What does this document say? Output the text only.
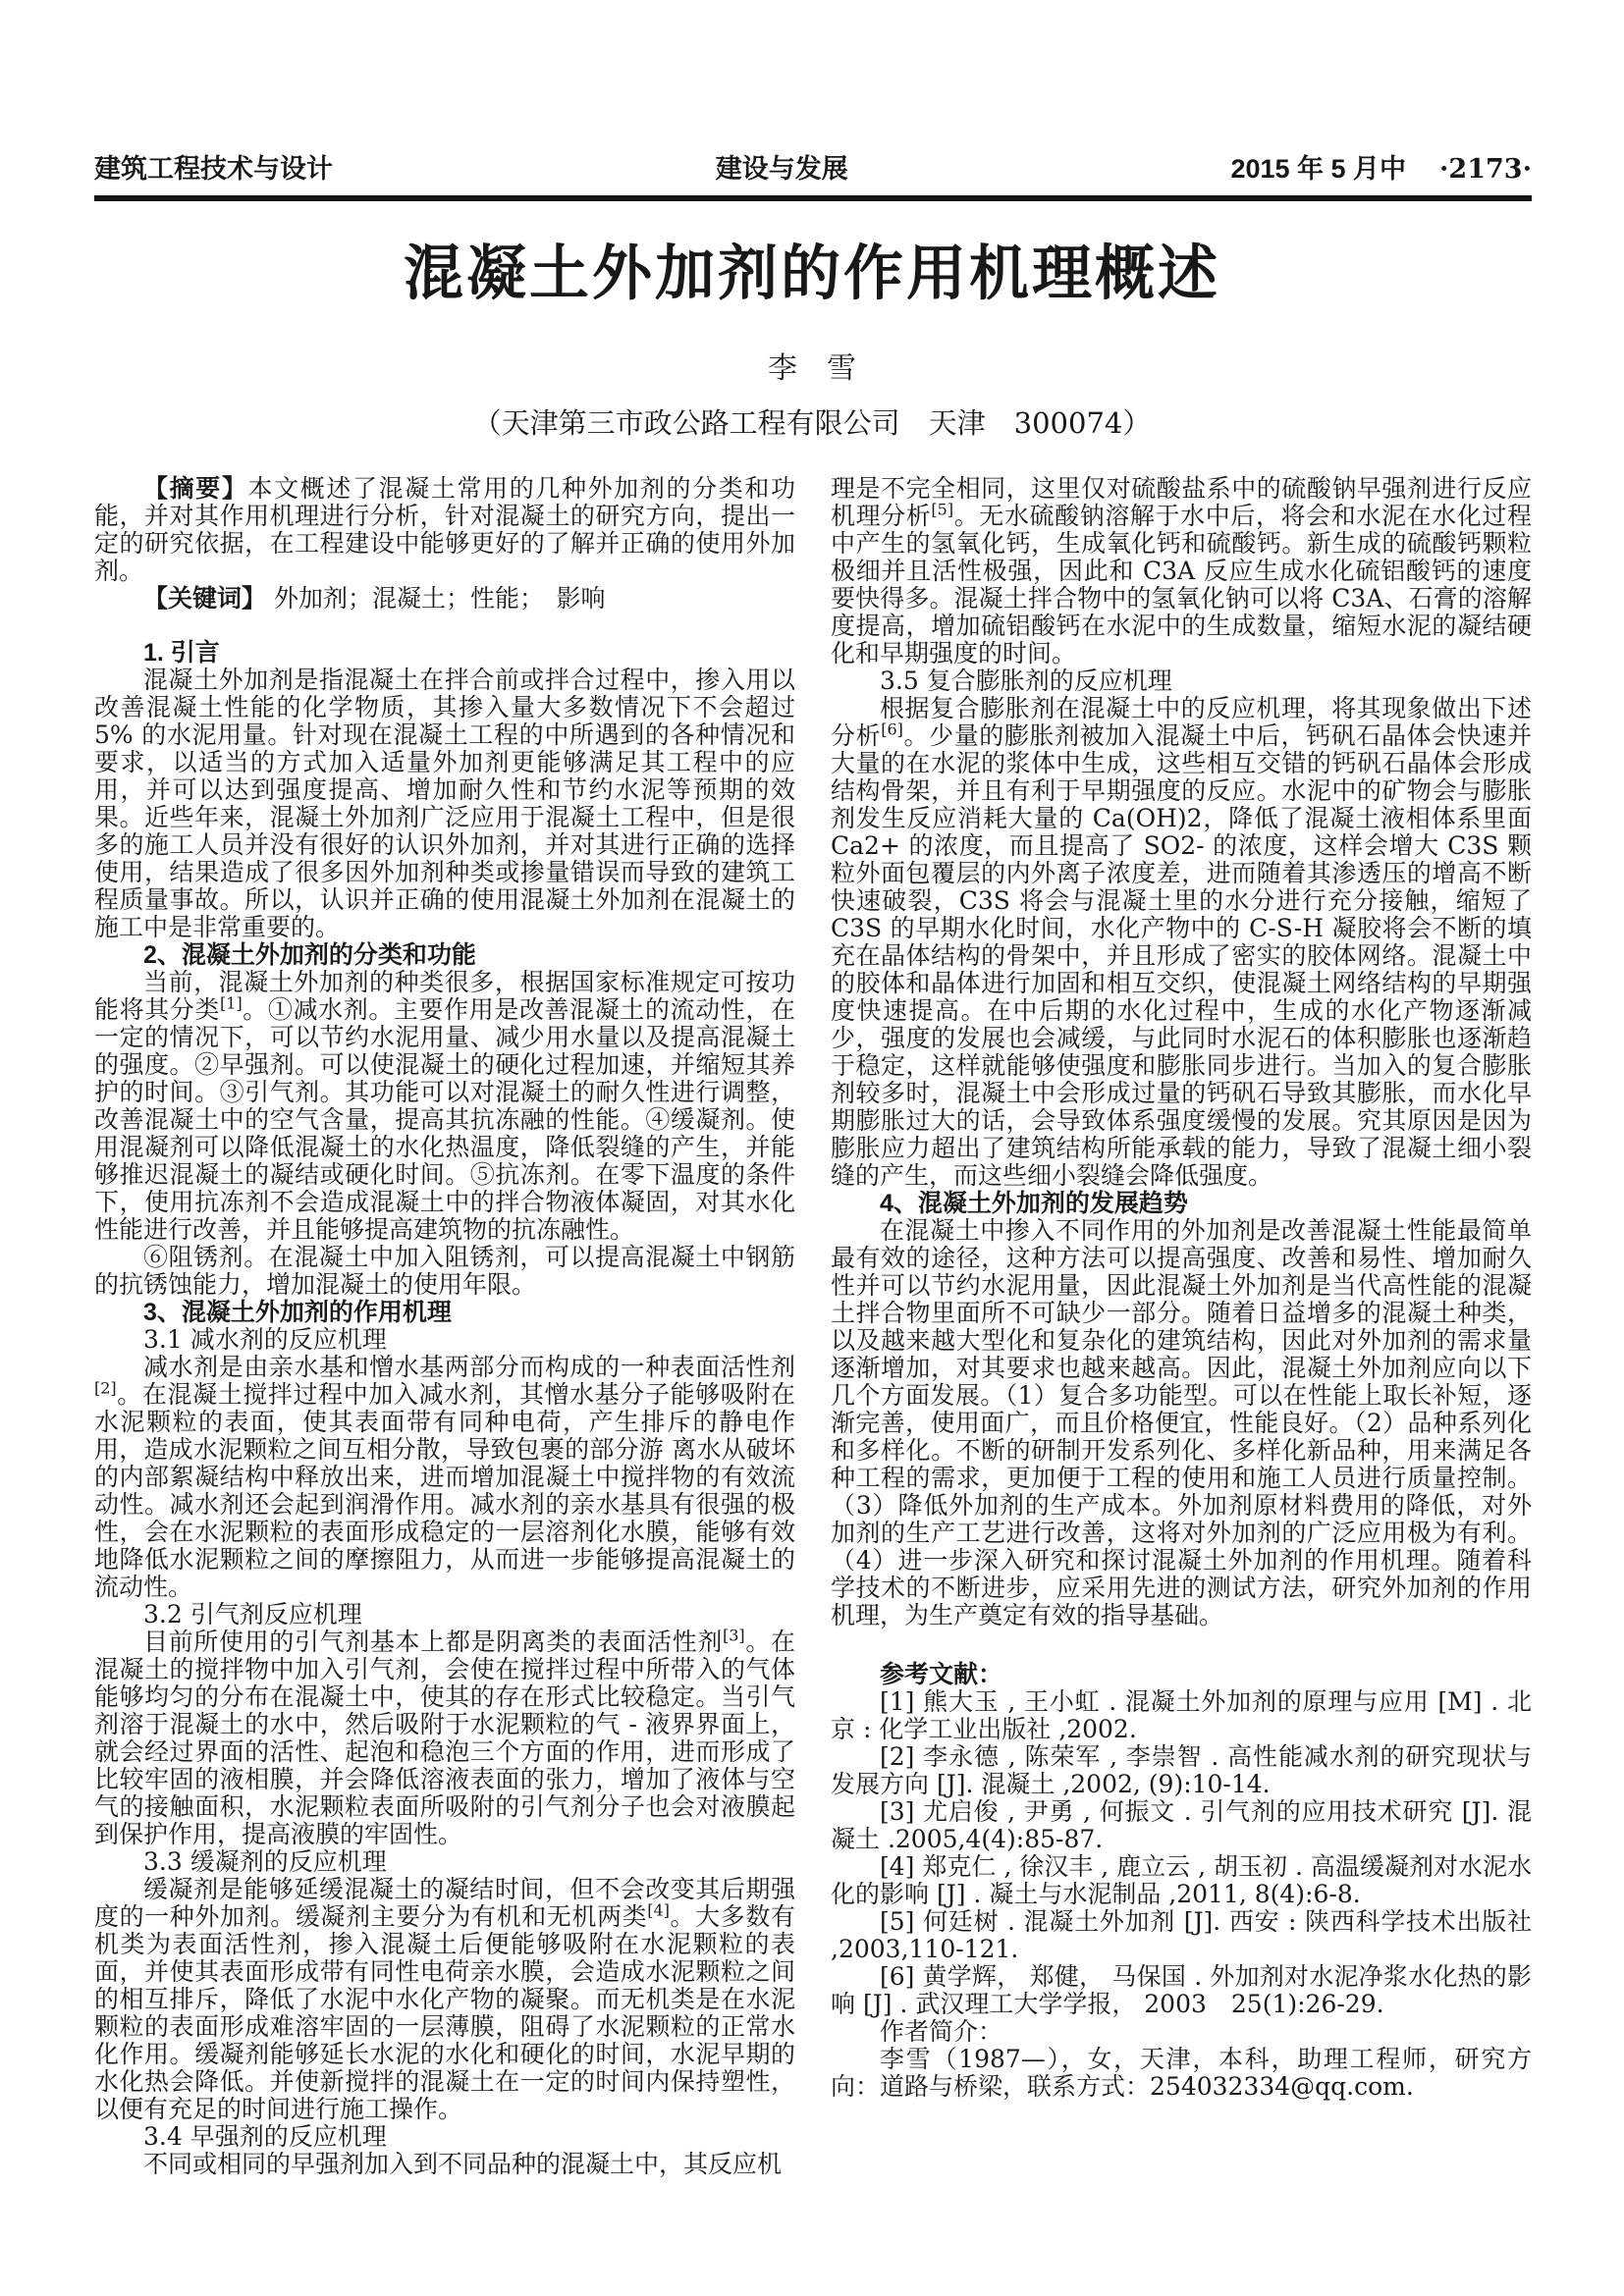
建筑工程技术与设计	建设与发展	2015 年 5 月中 ·2173·
混凝土外加剂的作用机理概述
李　雪
（天津第三市政公路工程有限公司　天津　300074）

【摘要】本文概述了混凝土常用的几种外加剂的分类和功能，并对其作用机理进行分析，针对混凝土的研究方向，提出一定的研究依据，在工程建设中能够更好的了解并正确的使用外加剂。

【关键词】 外加剂；混凝土；性能；　影响

1. 引言

混凝土外加剂是指混凝土在拌合前或拌合过程中，掺入用以改善混凝土性能的化学物质，其掺入量大多数情况下不会超过 5% 的水泥用量。针对现在混凝土工程的中所遇到的各种情况和要求，以适当的方式加入适量外加剂更能够满足其工程中的应用，并可以达到强度提高、增加耐久性和节约水泥等预期的效果。近些年来，混凝土外加剂广泛应用于混凝土工程中，但是很多的施工人员并没有很好的认识外加剂，并对其进行正确的选择使用，结果造成了很多因外加剂种类或掺量错误而导致的建筑工程质量事故。所以，认识并正确的使用混凝土外加剂在混凝土的施工中是非常重要的。

2、混凝土外加剂的分类和功能

当前，混凝土外加剂的种类很多，根据国家标准规定可按功能将其分类[1]。①减水剂。主要作用是改善混凝土的流动性，在一定的情况下，可以节约水泥用量、减少用水量以及提高混凝土的强度。②早强剂。可以使混凝土的硬化过程加速，并缩短其养护的时间。③引气剂。其功能可以对混凝土的耐久性进行调整，改善混凝土中的空气含量，提高其抗冻融的性能。④缓凝剂。使用混凝剂可以降低混凝土的水化热温度，降低裂缝的产生，并能够推迟混凝土的凝结或硬化时间。⑤抗冻剂。在零下温度的条件下，使用抗冻剂不会造成混凝土中的拌合物液体凝固，对其水化性能进行改善，并且能够提高建筑物的抗冻融性。

⑥阻锈剂。在混凝土中加入阻锈剂，可以提高混凝土中钢筋的抗锈蚀能力，增加混凝土的使用年限。

3、混凝土外加剂的作用机理

3.1 减水剂的反应机理

减水剂是由亲水基和憎水基两部分而构成的一种表面活性剂[2]。在混凝土搅拌过程中加入减水剂，其憎水基分子能够吸附在水泥颗粒的表面，使其表面带有同种电荷，产生排斥的静电作用，造成水泥颗粒之间互相分散，导致包裹的部分游 离水从破坏的内部絮凝结构中释放出来，进而增加混凝土中搅拌物的有效流动性。减水剂还会起到润滑作用。减水剂的亲水基具有很强的极性，会在水泥颗粒的表面形成稳定的一层溶剂化水膜，能够有效地降低水泥颗粒之间的摩擦阻力，从而进一步能够提高混凝土的流动性。

3.2 引气剂反应机理

目前所使用的引气剂基本上都是阴离类的表面活性剂[3]。在混凝土的搅拌物中加入引气剂，会使在搅拌过程中所带入的气体能够均匀的分布在混凝土中，使其的存在形式比较稳定。当引气剂溶于混凝土的水中，然后吸附于水泥颗粒的气 - 液界界面上，就会经过界面的活性、起泡和稳泡三个方面的作用，进而形成了比较牢固的液相膜，并会降低溶液表面的张力，增加了液体与空气的接触面积，水泥颗粒表面所吸附的引气剂分子也会对液膜起到保护作用，提高液膜的牢固性。

3.3 缓凝剂的反应机理

缓凝剂是能够延缓混凝土的凝结时间，但不会改变其后期强度的一种外加剂。缓凝剂主要分为有机和无机两类[4]。大多数有机类为表面活性剂，掺入混凝土后便能够吸附在水泥颗粒的表面，并使其表面形成带有同性电荷亲水膜，会造成水泥颗粒之间的相互排斥，降低了水泥中水化产物的凝聚。而无机类是在水泥颗粒的表面形成难溶牢固的一层薄膜，阻碍了水泥颗粒的正常水化作用。缓凝剂能够延长水泥的水化和硬化的时间，水泥早期的水化热会降低。并使新搅拌的混凝土在一定的时间内保持塑性，以便有充足的时间进行施工操作。

3.4 早强剂的反应机理

不同或相同的早强剂加入到不同品种的混凝土中，其反应机

理是不完全相同，这里仅对硫酸盐系中的硫酸钠早强剂进行反应机理分析[5]。无水硫酸钠溶解于水中后，将会和水泥在水化过程中产生的氢氧化钙，生成氧化钙和硫酸钙。新生成的硫酸钙颗粒极细并且活性极强，因此和 C3A 反应生成水化硫铝酸钙的速度要快得多。混凝土拌合物中的氢氧化钠可以将 C3A、石膏的溶解度提高，增加硫铝酸钙在水泥中的生成数量，缩短水泥的凝结硬化和早期强度的时间。

3.5 复合膨胀剂的反应机理

根据复合膨胀剂在混凝土中的反应机理，将其现象做出下述分析[6]。少量的膨胀剂被加入混凝土中后，钙矾石晶体会快速并大量的在水泥的浆体中生成，这些相互交错的钙矾石晶体会形成结构骨架，并且有利于早期强度的反应。水泥中的矿物会与膨胀剂发生反应消耗大量的 Ca(OH)2，降低了混凝土液相体系里面 Ca2+ 的浓度，而且提高了 SO2- 的浓度，这样会增大 C3S 颗粒外面包覆层的内外离子浓度差，进而随着其渗透压的增高不断快速破裂，C3S 将会与混凝土里的水分进行充分接触，缩短了 C3S 的早期水化时间，水化产物中的 C-S-H 凝胶将会不断的填充在晶体结构的骨架中，并且形成了密实的胶体网络。混凝土中的胶体和晶体进行加固和相互交织，使混凝土网络结构的早期强度快速提高。在中后期的水化过程中，生成的水化产物逐渐减少，强度的发展也会减缓，与此同时水泥石的体积膨胀也逐渐趋于稳定，这样就能够使强度和膨胀同步进行。当加入的复合膨胀剂较多时，混凝土中会形成过量的钙矾石导致其膨胀，而水化早期膨胀过大的话，会导致体系强度缓慢的发展。究其原因是因为膨胀应力超出了建筑结构所能承载的能力，导致了混凝土细小裂缝的产生，而这些细小裂缝会降低强度。

4、混凝土外加剂的发展趋势

在混凝土中掺入不同作用的外加剂是改善混凝土性能最简单最有效的途径，这种方法可以提高强度、改善和易性、增加耐久性并可以节约水泥用量，因此混凝土外加剂是当代高性能的混凝土拌合物里面所不可缺少一部分。随着日益增多的混凝土种类，以及越来越大型化和复杂化的建筑结构，因此对外加剂的需求量逐渐增加，对其要求也越来越高。因此，混凝土外加剂应向以下几个方面发展。（1）复合多功能型。可以在性能上取长补短，逐渐完善，使用面广，而且价格便宜，性能良好。（2）品种系列化和多样化。不断的研制开发系列化、多样化新品种，用来满足各种工程的需求，更加便于工程的使用和施工人员进行质量控制。（3）降低外加剂的生产成本。外加剂原材料费用的降低，对外加剂的生产工艺进行改善，这将对外加剂的广泛应用极为有利。（4）进一步深入研究和探讨混凝土外加剂的作用机理。随着科学技术的不断进步，应采用先进的测试方法，研究外加剂的作用机理，为生产奠定有效的指导基础。

参考文献：

[1] 熊大玉 , 王小虹 . 混凝土外加剂的原理与应用 [M] . 北京 : 化学工业出版社 ,2002.

[2] 李永德 , 陈荣军 , 李崇智 . 高性能减水剂的研究现状与发展方向 [J]. 混凝土 ,2002, (9):10-14.

[3] 尤启俊 , 尹勇 , 何振文 . 引气剂的应用技术研究 [J]. 混凝土 .2005,4(4):85-87.

[4] 郑克仁 , 徐汉丰 , 鹿立云 , 胡玉初 . 高温缓凝剂对水泥水化的影响 [J] . 凝土与水泥制品 ,2011, 8(4):6-8.

[5] 何廷树 . 混凝土外加剂 [J]. 西安 : 陕西科学技术出版社 ,2003,110-121.

[6] 黄学辉， 郑健， 马保国 . 外加剂对水泥净浆水化热的影响 [J] . 武汉理工大学学报， 2003　25(1):26-29.

作者简介：

李雪（1987—），女，天津，本科，助理工程师，研究方向：道路与桥梁，联系方式：254032334@qq.com.
